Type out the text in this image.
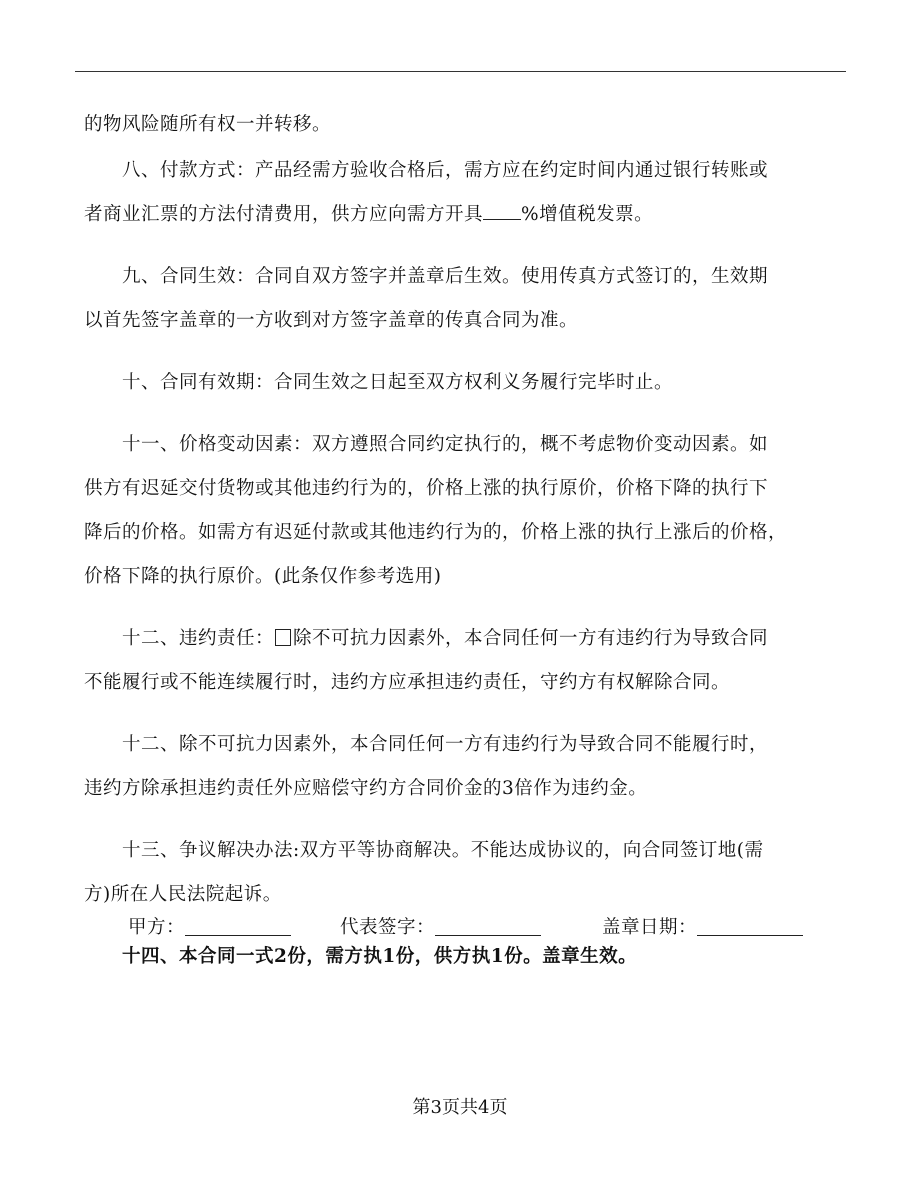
的物风险随所有权一并转移。

八、付款方式：产品经需方验收合格后，需方应在约定时间内通过银行转账或
者商业汇票的方法付清费用，供方应向需方开具 %增值税发票。

九、合同生效：合同自双方签字并盖章后生效。使用传真方式签订的，生效期
以首先签字盖章的一方收到对方签字盖章的传真合同为准。

十、合同有效期：合同生效之日起至双方权利义务履行完毕时止。

十一、价格变动因素：双方遵照合同约定执行的，概不考虑物价变动因素。如
供方有迟延交付货物或其他违约行为的，价格上涨的执行原价，价格下降的执行下
降后的价格。如需方有迟延付款或其他违约行为的，价格上涨的执行上涨后的价格，
价格下降的执行原价。(此条仅作参考选用)

十二、违约责任： 除不可抗力因素外，本合同任何一方有违约行为导致合同
不能履行或不能连续履行时，违约方应承担违约责任，守约方有权解除合同。

十二、除不可抗力因素外，本合同任何一方有违约行为导致合同不能履行时，
违约方除承担违约责任外应赔偿守约方合同价金的3倍作为违约金。

十三、争议解决办法:双方平等协商解决。不能达成协议的，向合同签订地(需
方)所在人民法院起诉。

十四、本合同一式2份，需方执1份，供方执1份。盖章生效。

甲方：	代表签字：	盖章日期：
第3页共4页
